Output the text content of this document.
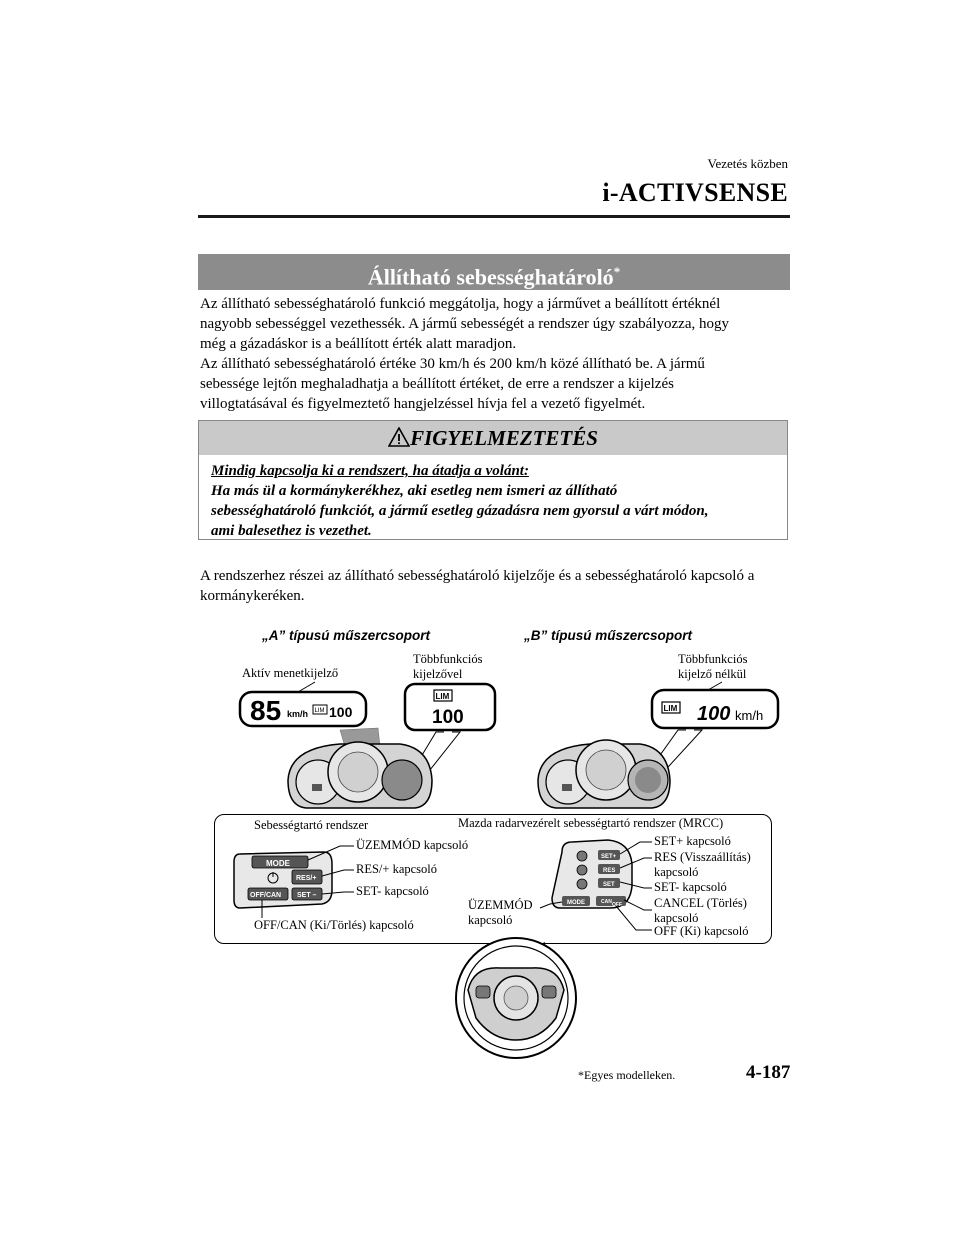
Vezetés közben
i-ACTIVSENSE
Állítható sebességhatároló*
Az állítható sebességhatároló funkció meggátolja, hogy a járművet a beállított értéknél
nagyobb sebességgel vezethessék. A jármű sebességét a rendszer úgy szabályozza, hogy
még a gázadáskor is a beállított érték alatt maradjon.
Az állítható sebességhatároló értéke 30 km/h és 200 km/h közé állítható be. A jármű
sebessége lejtőn meghaladhatja a beállított értéket, de erre a rendszer a kijelzés
villogtatásával és figyelmeztető hangjelzéssel hívja fel a vezető figyelmét.
FIGYELMEZTETÉS
Mindig kapcsolja ki a rendszert, ha átadja a volánt:
Ha más ül a kormánykerékhez, aki esetleg nem ismeri az állítható
sebességhatároló funkciót, a jármű esetleg gázadásra nem gyorsul a várt módon,
ami balesethez is vezethet.
A rendszerhez részei az állítható sebességhatároló kijelzője és a sebességhatároló kapcsoló a
kormánykeréken.
„A” típusú műszercsoport	„B” típusú műszercsoport
Aktív menetkijelző
Többfunkciós
kijelzővel
Többfunkciós
kijelző nélkül
85 km/h LIM 100
LIM
100	LIM 100 km/h
Sebességtartó rendszer	Mazda radarvezérelt sebességtartó rendszer (MRCC)
ÜZEMMÓD kapcsoló
RES/+ kapcsoló
SET- kapcsoló
OFF/CAN (Ki/Törlés) kapcsoló
SET+ kapcsoló
RES (Visszaállítás)
kapcsoló
SET- kapcsoló
CANCEL (Törlés)
kapcsoló
OFF (Ki) kapcsoló
ÜZEMMÓD
kapcsoló
MODE
RES/+
OFF/CAN SET –
SET+
RES
SET
MODE	CAN OFF
*Egyes modelleken.	4-187
